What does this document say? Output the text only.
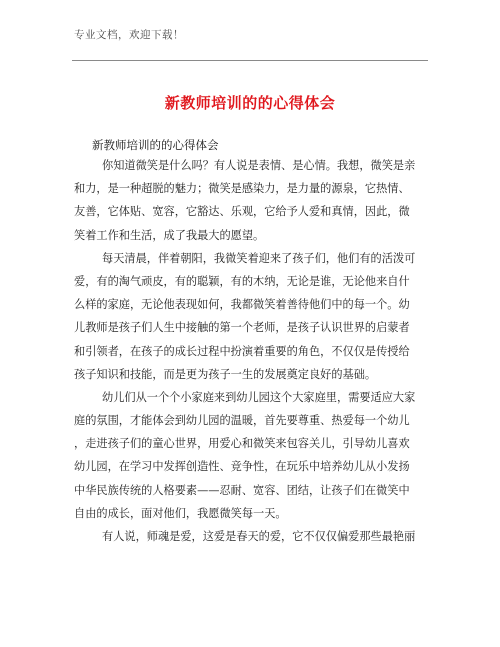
专业文档，欢迎下载！
新教师培训的的心得体会
新教师培训的的心得体会
你知道微笑是什么吗？有人说是表情、是心情。我想，微笑是亲
和力，是一种超脱的魅力；微笑是感染力，是力量的源泉，它热情、
友善，它体贴、宽容，它豁达、乐观，它给予人爱和真情，因此，微
笑着工作和生活，成了我最大的愿望。
每天清晨，伴着朝阳，我微笑着迎来了孩子们，他们有的活泼可
爱，有的淘气顽皮，有的聪颖，有的木纳，无论是谁，无论他来自什
么样的家庭，无论他表现如何，我都微笑着善待他们中的每一个。幼
儿教师是孩子们人生中接触的第一个老师，是孩子认识世界的启蒙者
和引领者，在孩子的成长过程中扮演着重要的角色，不仅仅是传授给
孩子知识和技能，而是更为孩子一生的发展奠定良好的基础。
幼儿们从一个个小家庭来到幼儿园这个大家庭里，需要适应大家
庭的氛围，才能体会到幼儿园的温暖，首先要尊重、热爱每一个幼儿
，走进孩子们的童心世界，用爱心和微笑来包容关儿，引导幼儿喜欢
幼儿园，在学习中发挥创造性、竞争性，在玩乐中培养幼儿从小发扬
中华民族传统的人格要素——忍耐、宽容、团结，让孩子们在微笑中
自由的成长，面对他们，我愿微笑每一天。
有人说，师魂是爱，这爱是春天的爱，它不仅仅偏爱那些最艳丽
